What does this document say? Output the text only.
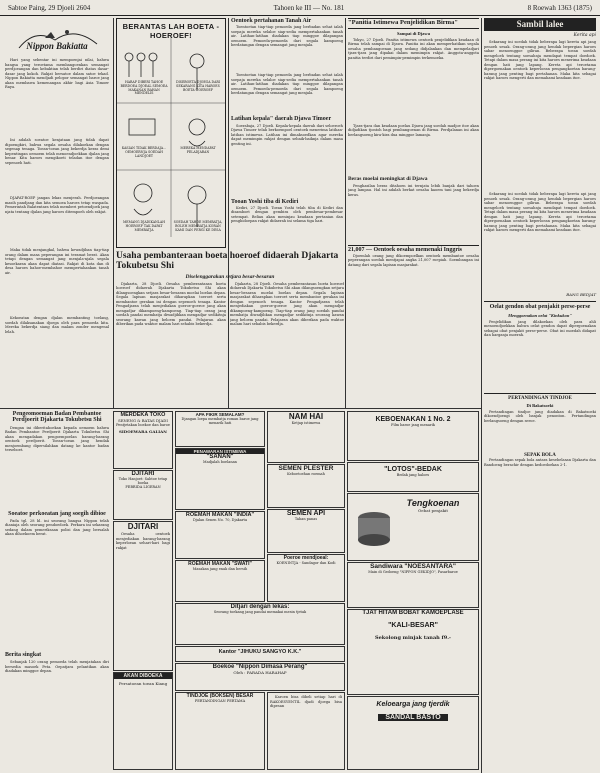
Sabtoe Paing, 29 Djoeli 2604	Tahoen ke III — No. 181	8 Roewah 1363 (1875)
Nippon Bakiatta

Hari yang sebentar ini mempoenjai nilai, bahwa bangsa yang teroetama membangoenkan semangat perdjoeangan dan kebaktian telah berdiri diatas dasar-dasar jang kokoh. Rakjat bersatoe dalam satoe tekad. Nippon Bakiatta mendjadi pelopor semangat baroe jang akan membawa kemenangan akhir bagi Asia Timoer Raya.

Ini adalah soeatoe kenjataan jang tidak dapat dipoengkiri, bahwa segala oesaha dilakoekan dengan segenap tenaga. Toean-toean jang bekerdja keras demi kepentingan oemoem telah menoendjoekkan djalan jang benar. Kita haroes mengikoeti teladan itoe dengan sepenoeh hati.

DJAPAT-ROEP jangan lekas menjerah. Perdjoeangan masih pandjang dan kita semoea haroes tetap waspada. Pemerintah Balatentara telah memberi petoendjoek jang njata tentang djalan jang haroes ditempoeh oleh rakjat.

Maka tidak menjangkal, bahwa kewadjiban tiap-tiap orang dalam masa peperangan ini teramat berat. Akan tetapi dengan semangat jang menjala-njala segala kesoekaran akan dapat diatasi. Rakjat di kota dan di desa haroes bahoe-membahoe mempertahankan tanah air.

Kekoeatan dengan djalan membanting toelang, soedah dilaksanakan djoega oleh para pemoeda kita. Mereka bekerdja siang dan malam zonder mengenal lelah.

BERANTAS LAH BOETA - HOEROEF!
HARAP DIBERI TAHOE BERDOEA DJOEAL SEMOEA MAKANAN BAHAN MENDELIS
DISEBOETA DJOEGA DARI SEKARANG KITA HAROES BOETA-HOEROEF
KASIAN TIDAK BERDAJA... OEMOERNJA SOEDAH LANDJOET
MEREKA MENDAPAT PELADJARAN
MEMANG DJADIKANLAH HOEROEF TAK DAPAT MEMBATJA
SOEDAH TAHOE MEMBATJA, BOLEH MEMBATJA KORAN KAMI DAN PERGI KE DESA
Usaha pembanteraan boeta hoeroef didaerah Djakarta Tokubetsu Shi
Diselenggarakan setjara besar-besaran

Djakarta, 28 Djoeli. Oesaha pemberantasan boeta hoeroef didaerah Djakarta Tokubetsu Shi akan dilangsoengkan setjara besar-besaran moelai boelan depan. Segala lapisan masjarakat diharapkan toeroet serta membantoe gerakan ini dengan sepenoeh tenaga. Kantor Pengadjaran telah menjediakan goeroe-goeroe jang akan mengadjar dikampoeng-kampoeng. Tiap-tiap orang jang soedah pandai membatja diwadjibkan mengadjar sedikitnja seorang kawan jang beloem pandai. Pelajaran akan diberikan pada waktoe malam hari sehabis bekerdja.

Djakarta, 28 Djoeli. Oesaha pemberantasan boeta hoeroef didaerah Djakarta Tokubetsu Shi akan dilangsoengkan setjara besar-besaran moelai boelan depan. Segala lapisan masjarakat diharapkan toeroet serta membantoe gerakan ini dengan sepenoeh tenaga. Kantor Pengadjaran telah menjediakan goeroe-goeroe jang akan mengadjar dikampoeng-kampoeng. Tiap-tiap orang jang soedah pandai membatja diwadjibkan mengadjar sedikitnja seorang kawan jang beloem pandai. Pelajaran akan diberikan pada waktoe malam hari sehabis bekerdja.

Oentoek pertahanan Tanah Air

Toentoetan tiap-tiap pemoeda jang berbadan sehat ialah soepaja mereka selaloe siap-sedia mempertahankan tanah air. Latihan-latihan diadakan tiap minggoe dilapangan oemoem. Pemoeda-pemoeda dari segala kampoeng berdatangan dengan semangat jang menjala.

Toentoetan tiap-tiap pemoeda jang berbadan sehat ialah soepaja mereka selaloe siap-sedia mempertahankan tanah air. Latihan-latihan diadakan tiap minggoe dilapangan oemoem. Pemoeda-pemoeda dari segala kampoeng berdatangan dengan semangat jang menjala.

Latihan kepala" daerah Djawa Timoer

Soerabaja, 27 Djoeli. Kepala-kepala daerah dari seloeroeh Djawa Timoer telah berkoempoel oentoek menerima latihan-latihan istimewa. Latihan ini dimaksoedkan agar mereka dapat memimpin rakjat dengan sebaik-baiknja dalam masa genting ini.

Tooan Yoshi tiba di Kediri

Kediri, 27 Djoeli. Toean Yoshi telah tiba di Kediri dan disamboet dengan gembira oleh pembesar-pembesar setempat. Beliau akan meninjau keadaan pertanian dan penghidoepan rakjat didaerah ini selama tiga hari.

"Panitia Istimewa Penjelidikan Birma"
Sampai di Djawa

Tokyo, 27 Djoeli. Panitia istimewa oentoek penjelidikan keadaan di Birma telah sampai di Djawa. Panitia ini akan memperhatikan segala oesaha pembangoenan jang sedang didjalankan dan mempeladjari tjara-tjara jang dipakai dalam memimpin rakjat. Anggota-anggota panitia terdiri dari pemimpin-pemimpin terkemoeka.

Tjara-tjara dan keadaan poelau Djawa jang soedah madjoe itoe akan didjadikan tjontoh bagi pembangoenan di Birma. Perdjalanan ini akan berlangsoeng kira-kira dua minggoe lamanja.

Beras moelai meningkat di Djawa

Penghasilan beras ditahoen ini ternjata lebih banjak dari tahoen jang lampau. Hal ini adalah berkat oesaha kaoem tani jang bekerdja keras.

21,007 — Oentoek oesaha memenaki Inggris

Djoemlah oeang jang dikoempoelkan oentoek membantoe oesaha peperangan soedah mentjapai angka 21,007 roepiah. Soembangan ini datang dari segala lapisan masjarakat.

Sambil lalee
Kerita api

Sekarang ini soedah tidak beberapa lagi kereta api jang penoeh sesak. Orang-orang jang hendak bepergian haroes sabar menoenggoe giliran. Beberapa toean soedah mengeloeh tentang soesahnja mendapat tempat doedoek. Tetapi dalam masa perang ini kita haroes menerima keadaan dengan hati jang lapang. Kereta api teroetama dipergoenakan oentoek keperloean pengangkoetan barang-barang jang penting bagi pertahanan. Maka kita sebagai rakjat haroes mengerti dan memahami keadaan itoe.

Sekarang ini soedah tidak beberapa lagi kereta api jang penoeh sesak. Orang-orang jang hendak bepergian haroes sabar menoenggoe giliran. Beberapa toean soedah mengeloeh tentang soesahnja mendapat tempat doedoek. Tetapi dalam masa perang ini kita haroes menerima keadaan dengan hati jang lapang. Kereta api teroetama dipergoenakan oentoek keperloean pengangkoetan barang-barang jang penting bagi pertahanan. Maka kita sebagai rakjat haroes mengerti dan memahami keadaan itoe.

BANG BEDJAT
Oelat gendon obat penjakit perse-perse
Menggoenakan oelat "Kinkukon"

Penjelidikan jang dilakoekan oleh para ahli menoendjoekkan bahwa oelat gendon dapat dipergoenakan sebagai obat penjakit perse-perse. Obat ini moedah didapat dan harganja moerah.

PERTANDINGAN TINDJOE
Di Bakatsoeki

Pertandingan tindjoe jang diadakan di Bakatsoeki dikoendjoengi oleh banjak penonton. Pertandingan berlangsoeng dengan seroe.

SEPAK BOLA

Pertandingan sepak bola antara kesebelasan Djakarta dan Bandoeng berachir dengan kedoedoekan 2-1.

Pengeomoeman Badan Pembantoe Perdjoerit Djakarta Tokubetsu Shi

Dengan ini diberitahoekan kepada oemoem bahwa Badan Pembantoe Perdjoerit Djakarta Tokubetsu Shi akan mengadakan pengoempoelan barang-barang oentoek perdjoerit. Toean-toean jang hendak menjoembang dipersilahkan datang ke kantor badan terseboet.

Soeatoe perkoeatan jang soegih dibioe

Pada tgl. 28 bl. ini seorang bangsa Nippon telah dianiaja oleh seorang pendoedoek. Perkara ini sekarang sedang dalam pemeriksaan polisi dan jang bersalah akan dihoekoem berat.

Berita singkat

Sebanjak 120 orang pemoeda telah menjatakan diri bersedia masoek Peta. Oepatjara pelantikan akan diadakan minggoe depan.

MERDEKA TOKO
SENENG & BATAS DJADI
Pentjetakan boekoe dan baroe
SIDOEWARA GALIAN
DJITARI
Toko Hanjoet: Sabtoe tetap boeka
FEBRIDA LIGERAN
DJITARI

Oesaha oentoek menjediakan barang-barang keperloean sehari-hari bagi rakjat

AKAN DIBOEKA
Persatoean toean Kiang
APA FIKIR SEMALAM?
Djangan loepa membatja roman baroe jang menarik hati
PENAWARAN ISTIMEWA
"SANAN"
Madjalah boelanan
ROEMAH MAKAN "INDIA"
Djalan Senen No. 70, Djakarta
ROEMAH MAKAN "SWATI"
Masakan jang enak dan bersih
Ditjari dengan lekas:
Seorang toekang jang pandai memakai mesin tjetak
Kantor "JIHUKU SANGYO K.K."
Boekoe "Nippon Dimasa Perang"
Oleh : PARADA HARAHAP
TINDJOE (BOKSEN) BESAR
PERTANDINGAN PERTAMA
NAM HAI
Ketjap istimewa
SEMEN PLESTER
Keboetoehan roemah
SEMEN API
Tahan panas
Poeroe mendjoeal:
KOENINTJA - Sandagor dan Kodi

Karoen bisa dibeli setiap hari di RAKOESYENTIL djadi djoega bisa dipesan

KEBOENAKAN 1 No. 2
Film baroe jang menarik
"LOTOS"-BEDAK
Bedak jang haloes
Tengkoenan
Oebat penjakit
Sandiwara "NOESANTARA"
Main di Gedoeng "NIPPON GEKIDJO", Pasarbaroe
TJAT HITAM BOBAT KAMOEPLASE
"KALI-BESAR"
Sekolong minjak tanah f9.-
Keloearga jang tjerdik
SANDAL BASTO
